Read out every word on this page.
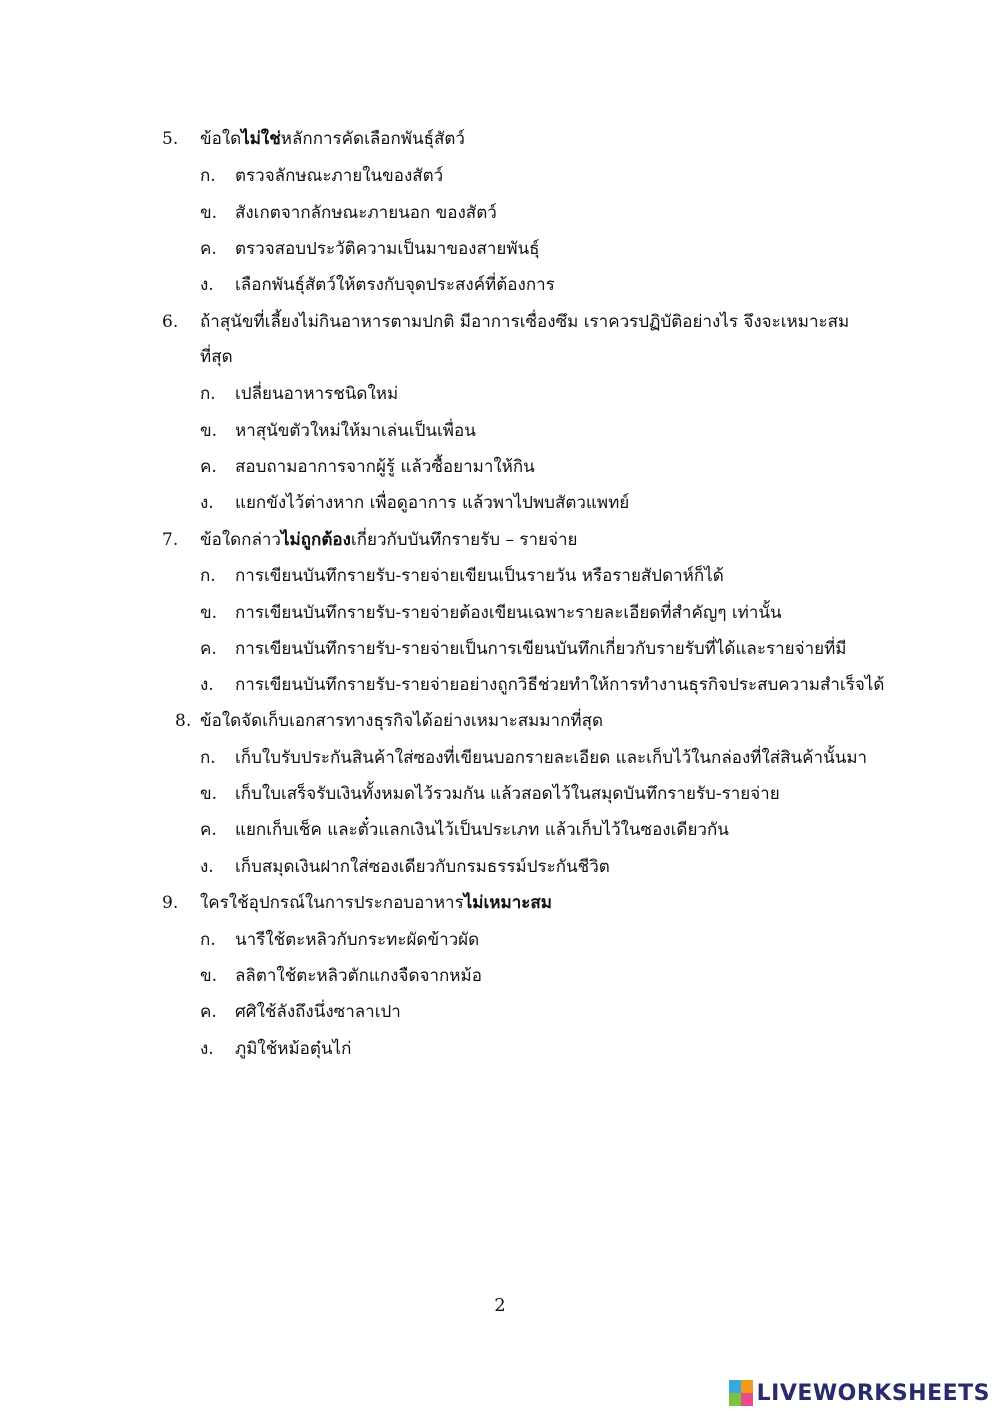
5. ข้อใดไม่ใช่หลักการคัดเลือกพันธุ์สัตว์
ก. ตรวจลักษณะภายในของสัตว์
ข. สังเกตจากลักษณะภายนอก ของสัตว์
ค. ตรวจสอบประวัติความเป็นมาของสายพันธุ์
ง. เลือกพันธุ์สัตว์ให้ตรงกับจุดประสงค์ที่ต้องการ
6. ถ้าสุนัขที่เลี้ยงไม่กินอาหารตามปกติ มีอาการเซื่องซึม เราควรปฏิบัติอย่างไร จึงจะเหมาะสม
ที่สุด
ก. เปลี่ยนอาหารชนิดใหม่
ข. หาสุนัขตัวใหม่ให้มาเล่นเป็นเพื่อน
ค. สอบถามอาการจากผู้รู้ แล้วซื้อยามาให้กิน
ง. แยกขังไว้ต่างหาก เพื่อดูอาการ แล้วพาไปพบสัตวแพทย์
7. ข้อใดกล่าวไม่ถูกต้องเกี่ยวกับบันทึกรายรับ – รายจ่าย
ก. การเขียนบันทึกรายรับ-รายจ่ายเขียนเป็นรายวัน หรือรายสัปดาห์ก็ได้
ข. การเขียนบันทึกรายรับ-รายจ่ายต้องเขียนเฉพาะรายละเอียดที่สำคัญๆ เท่านั้น
ค. การเขียนบันทึกรายรับ-รายจ่ายเป็นการเขียนบันทึกเกี่ยวกับรายรับที่ได้และรายจ่ายที่มี
ง. การเขียนบันทึกรายรับ-รายจ่ายอย่างถูกวิธีช่วยทำให้การทำงานธุรกิจประสบความสำเร็จได้
8. ข้อใดจัดเก็บเอกสารทางธุรกิจได้อย่างเหมาะสมมากที่สุด
ก. เก็บใบรับประกันสินค้าใส่ซองที่เขียนบอกรายละเอียด และเก็บไว้ในกล่องที่ใส่สินค้านั้นมา
ข. เก็บใบเสร็จรับเงินทั้งหมดไว้รวมกัน แล้วสอดไว้ในสมุดบันทึกรายรับ-รายจ่าย
ค. แยกเก็บเช็ค และตั๋วแลกเงินไว้เป็นประเภท แล้วเก็บไว้ในซองเดียวกัน
ง. เก็บสมุดเงินฝากใส่ซองเดียวกับกรมธรรม์ประกันชีวิต
9. ใครใช้อุปกรณ์ในการประกอบอาหารไม่เหมาะสม
ก. นารีใช้ตะหลิวกับกระทะผัดข้าวผัด
ข. ลลิตาใช้ตะหลิวตักแกงจืดจากหม้อ
ค. ศศิใช้ลังถึงนึ่งซาลาเปา
ง. ภูมิใช้หม้อตุ๋นไก่
2
LIVEWORKSHEETS
